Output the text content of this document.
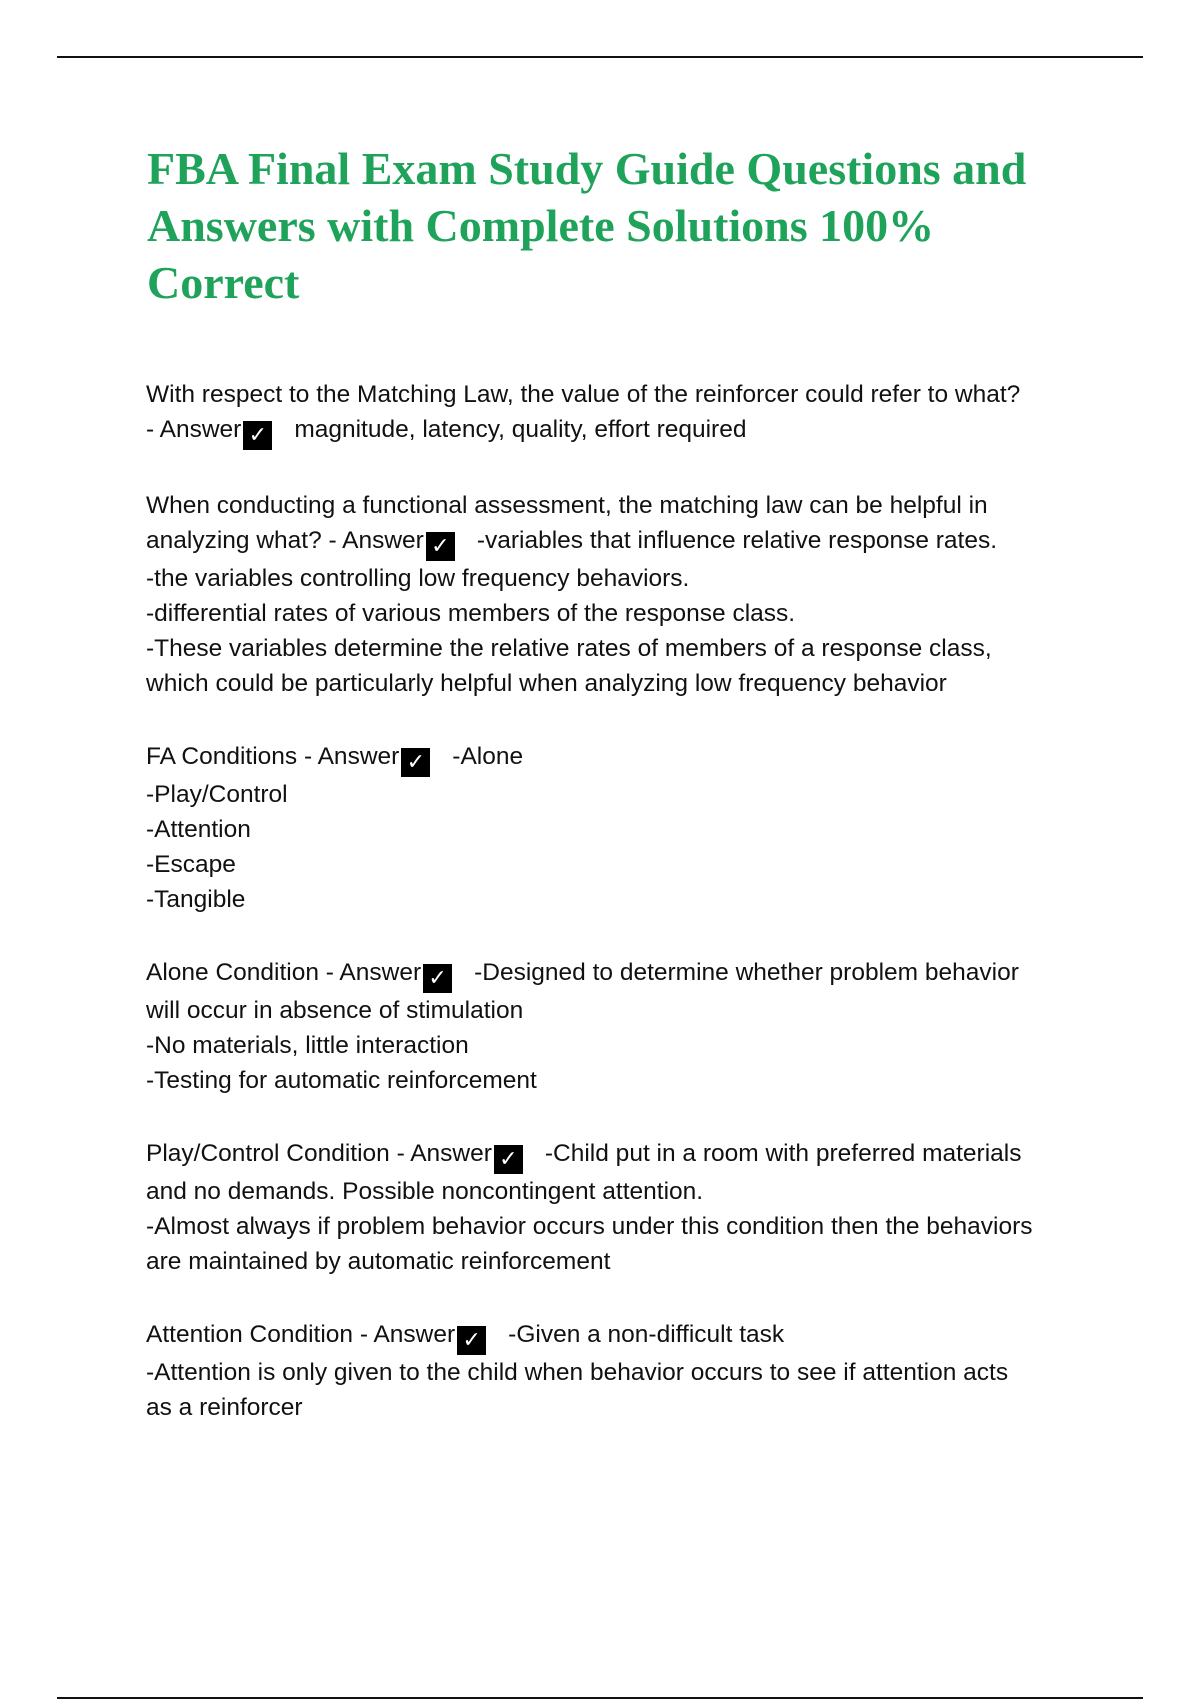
FBA Final Exam Study Guide Questions and
Answers with Complete Solutions 100%
Correct

With respect to the Matching Law, the value of the reinforcer could refer to what?
- Answer ✓ magnitude, latency, quality, effort required

When conducting a functional assessment, the matching law can be helpful in
analyzing what? - Answer ✓ -variables that influence relative response rates.
-the variables controlling low frequency behaviors.
-differential rates of various members of the response class.
-These variables determine the relative rates of members of a response class,
which could be particularly helpful when analyzing low frequency behavior

FA Conditions - Answer ✓ -Alone
-Play/Control
-Attention
-Escape
-Tangible

Alone Condition - Answer ✓ -Designed to determine whether problem behavior
will occur in absence of stimulation
-No materials, little interaction
-Testing for automatic reinforcement

Play/Control Condition - Answer ✓ -Child put in a room with preferred materials
and no demands. Possible noncontingent attention.
-Almost always if problem behavior occurs under this condition then the behaviors
are maintained by automatic reinforcement

Attention Condition - Answer ✓ -Given a non-difficult task
-Attention is only given to the child when behavior occurs to see if attention acts
as a reinforcer
